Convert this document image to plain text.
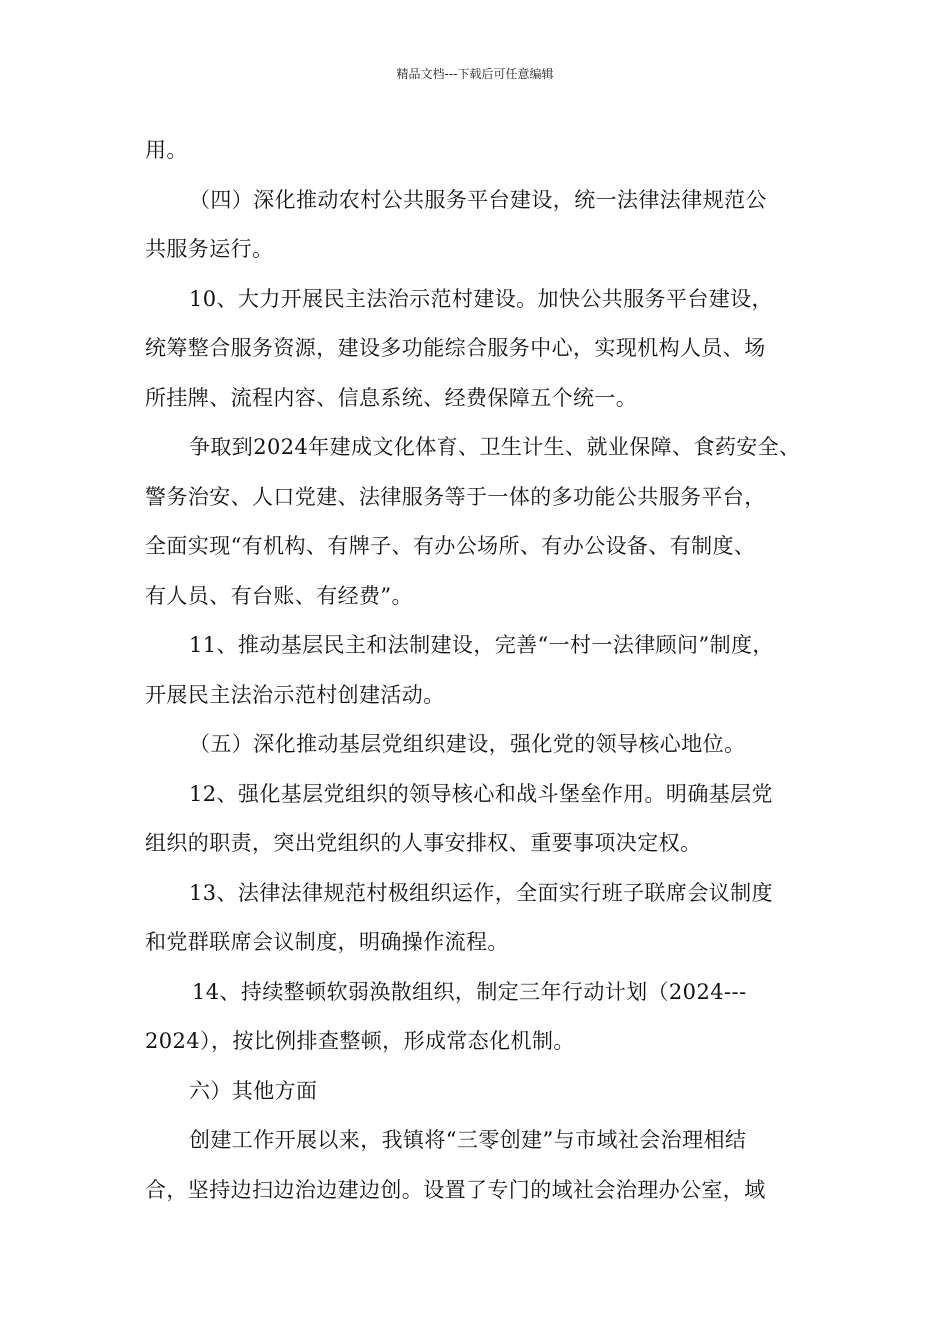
精品文档---下载后可任意编辑
用。
（四）深化推动农村公共服务平台建设，统一法律法律规范公
共服务运行。
10、大力开展民主法治示范村建设。加快公共服务平台建设，
统筹整合服务资源，建设多功能综合服务中心，实现机构人员、场
所挂牌、流程内容、信息系统、经费保障五个统一。
争取到2024年建成文化体育、卫生计生、就业保障、食药安全、
警务治安、人口党建、法律服务等于一体的多功能公共服务平台，
全面实现“有机构、有牌子、有办公场所、有办公设备、有制度、
有人员、有台账、有经费”。
11、推动基层民主和法制建设，完善“一村一法律顾问”制度，
开展民主法治示范村创建活动。
（五）深化推动基层党组织建设，强化党的领导核心地位。
12、强化基层党组织的领导核心和战斗堡垒作用。明确基层党
组织的职责，突出党组织的人事安排权、重要事项决定权。
13、法律法律规范村极组织运作，全面实行班子联席会议制度
和党群联席会议制度，明确操作流程。
14、持续整顿软弱涣散组织，制定三年行动计划（2024---
2024），按比例排查整顿，形成常态化机制。
六）其他方面
创建工作开展以来，我镇将“三零创建”与市域社会治理相结
合，坚持边扫边治边建边创。设置了专门的域社会治理办公室，域
